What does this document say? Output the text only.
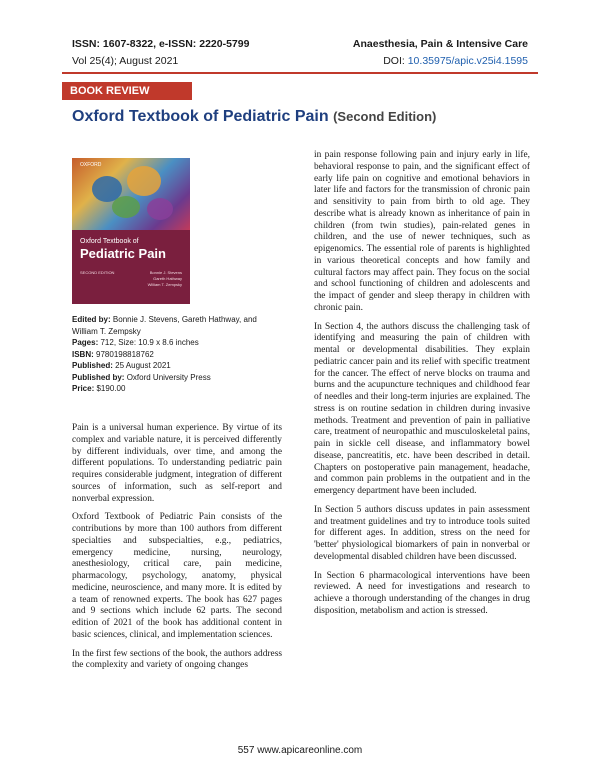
ISSN: 1607-8322, e-ISSN: 2220-5799	Anaesthesia, Pain & Intensive Care
Vol 25(4); August 2021	DOI: 10.35975/apic.v25i4.1595
BOOK REVIEW
Oxford Textbook of Pediatric Pain (Second Edition)
OXFORD
Oxford Textbook of
Pediatric Pain
SECOND EDITION	Bonnie J. Stevens
Gareth Hathway
William T. Zempsky
Edited by: Bonnie J. Stevens, Gareth Hathway, and William T. Zempsky
Pages: 712, Size: 10.9 x 8.6 inches
ISBN: 9780198818762
Published: 25 August 2021
Published by: Oxford University Press
Price: $190.00

Pain is a universal human experience. By virtue of its complex and variable nature, it is perceived differently by different individuals, over time, and among the different populations. To understanding pediatric pain requires considerable judgment, integration of different sources of information, such as self-report and nonverbal expression.

Oxford Textbook of Pediatric Pain consists of the contributions by more than 100 authors from different specialties and subspecialties, e.g., pediatrics, emergency medicine, nursing, neurology, anesthesiology, critical care, pain medicine, pharmacology, psychology, anatomy, physical medicine, neuroscience, and many more. It is edited by a team of renowned experts. The book has 627 pages and 9 sections which include 62 parts. The second edition of 2021 of the book has additional content in basic sciences, clinical, and implementation sciences.

In the first few sections of the book, the authors address the complexity and variety of ongoing changes

in pain response following pain and injury early in life, behavioral response to pain, and the significant effect of early life pain on cognitive and emotional behaviors in later life and factors for the transmission of chronic pain and sensitivity to pain from birth to old age. They describe what is already known as inheritance of pain in children (from twin studies), pain-related genes in children, and the use of newer techniques, such as epigenomics. The essential role of parents is highlighted in various theoretical concepts and how family and cultural factors may affect pain. They focus on the social and school functioning of children and adolescents and the impact of gender and sleep therapy in children with chronic pain.

In Section 4, the authors discuss the challenging task of identifying and measuring the pain of children with mental or developmental disabilities. They explain pediatric cancer pain and its relief with specific treatment for the cancer. The effect of nerve blocks on trauma and burns and the acupuncture techniques and childhood fear of needles and their long-term injuries are explained. The stress is on routine sedation in children during invasive methods. Treatment and prevention of pain in palliative care, treatment of neuropathic and musculoskeletal pains, pain in sickle cell disease, and inflammatory bowel disease, pancreatitis, etc. have been described in detail. Chapters on postoperative pain management, headache, and common pain problems in the outpatient and in the emergency department have been included.

In Section 5 authors discuss updates in pain assessment and treatment guidelines and try to introduce tools suited for different ages. In addition, stress on the need for 'better' physiological biomarkers of pain in nonverbal or developmental disabled children have been discussed.

In Section 6 pharmacological interventions have been reviewed. A need for investigations and research to achieve a thorough understanding of the changes in drug disposition, metabolism and action is stressed.

557 www.apicareonline.com
